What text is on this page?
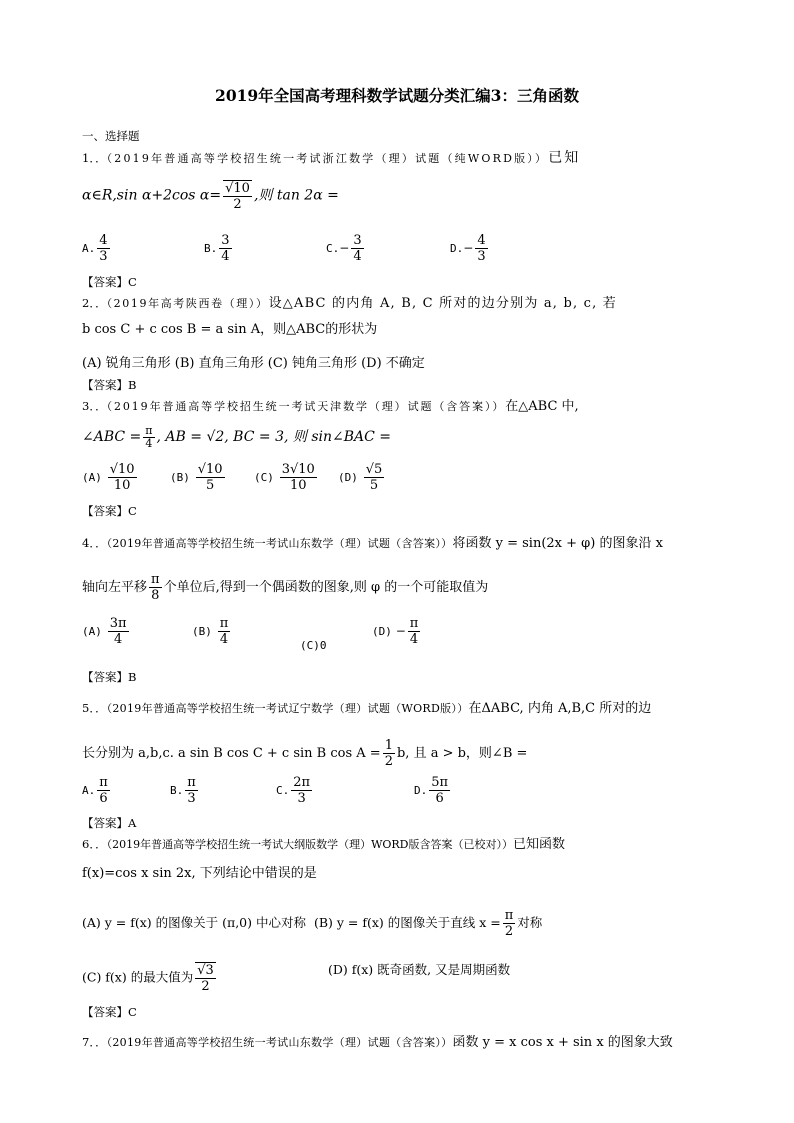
2019年全国高考理科数学试题分类汇编3：三角函数
一、选择题
1．．（2019年普通高等学校招生统一考试浙江数学（理）试题（纯WORD版））已知
α∈R,sin α+2cos $\alpha= \frac{√10}{2}$ ,则 tan 2α =
A. $\frac{4}{3}$	B. $\frac{3}{4}$	$C.- \frac{3}{4}$	$D.- \frac{4}{3}$
【答案】C
2．．（2019年高考陕西卷（理））设△ABC 的内角 A, B, C 所对的边分别为 a, b, c, 若
b cos C + c cos B = a sin A，则△ABC的形状为
(A) 锐角三角形 (B) 直角三角形 (C) 钝角三角形 (D) 不确定
【答案】B
3．．（2019年普通高等学校招生统一考试天津数学（理）试题（含答案））在△ABC 中,
∠ABC = $\frac{\pi}{4}$ , AB = √2, BC = 3, 则 sin∠BAC =
$(A) \frac{√10}{10}$	$(B) \frac{√10}{5}$	$(C) \frac{3√10}{10} (D) \frac{√5}{5}$
【答案】C
4．．（2019年普通高等学校招生统一考试山东数学（理）试题（含答案））将函数 y = sin(2x + φ) 的图象沿 x
轴向左平移 $\frac{\pi}{8}$ 个单位后,得到一个偶函数的图象,则 φ 的一个可能取值为
$(A) \frac{3\pi}{4}$	$(B) \frac{\pi}{4}$	(C)0
$(D) - \frac{\pi}{4}$
【答案】B
5．．（2019年普通高等学校招生统一考试辽宁数学（理）试题（WORD版））在ΔABC, 内角 A,B,C 所对的边
长分别为 a,b,c. a sin B cos C + c sin B $\cos A = \frac{1}{2} b$, 且 a > b，则∠B =
A. $\frac{\pi}{6}$	B. $\frac{\pi}{3}$	C. $\frac{2\pi}{3}$	D. $\frac{5\pi}{6}$
【答案】A
6．．（2019年普通高等学校招生统一考试大纲版数学（理）WORD版含答案（已校对））已知函数
f(x)=cos x sin 2x, 下列结论中错误的是
(A) y = f(x) 的图像关于 (π,0) 中心对称 (B) y = f(x) 的图像关于直线 $x = \frac{\pi}{2}$ 对称
(C) f(x) 的最大值为 $\frac{√3}{2}$	(D) f(x) 既奇函数, 又是周期函数
【答案】C
7．．（2019年普通高等学校招生统一考试山东数学（理）试题（含答案））函数 y = x cos x + sin x 的图象大致
